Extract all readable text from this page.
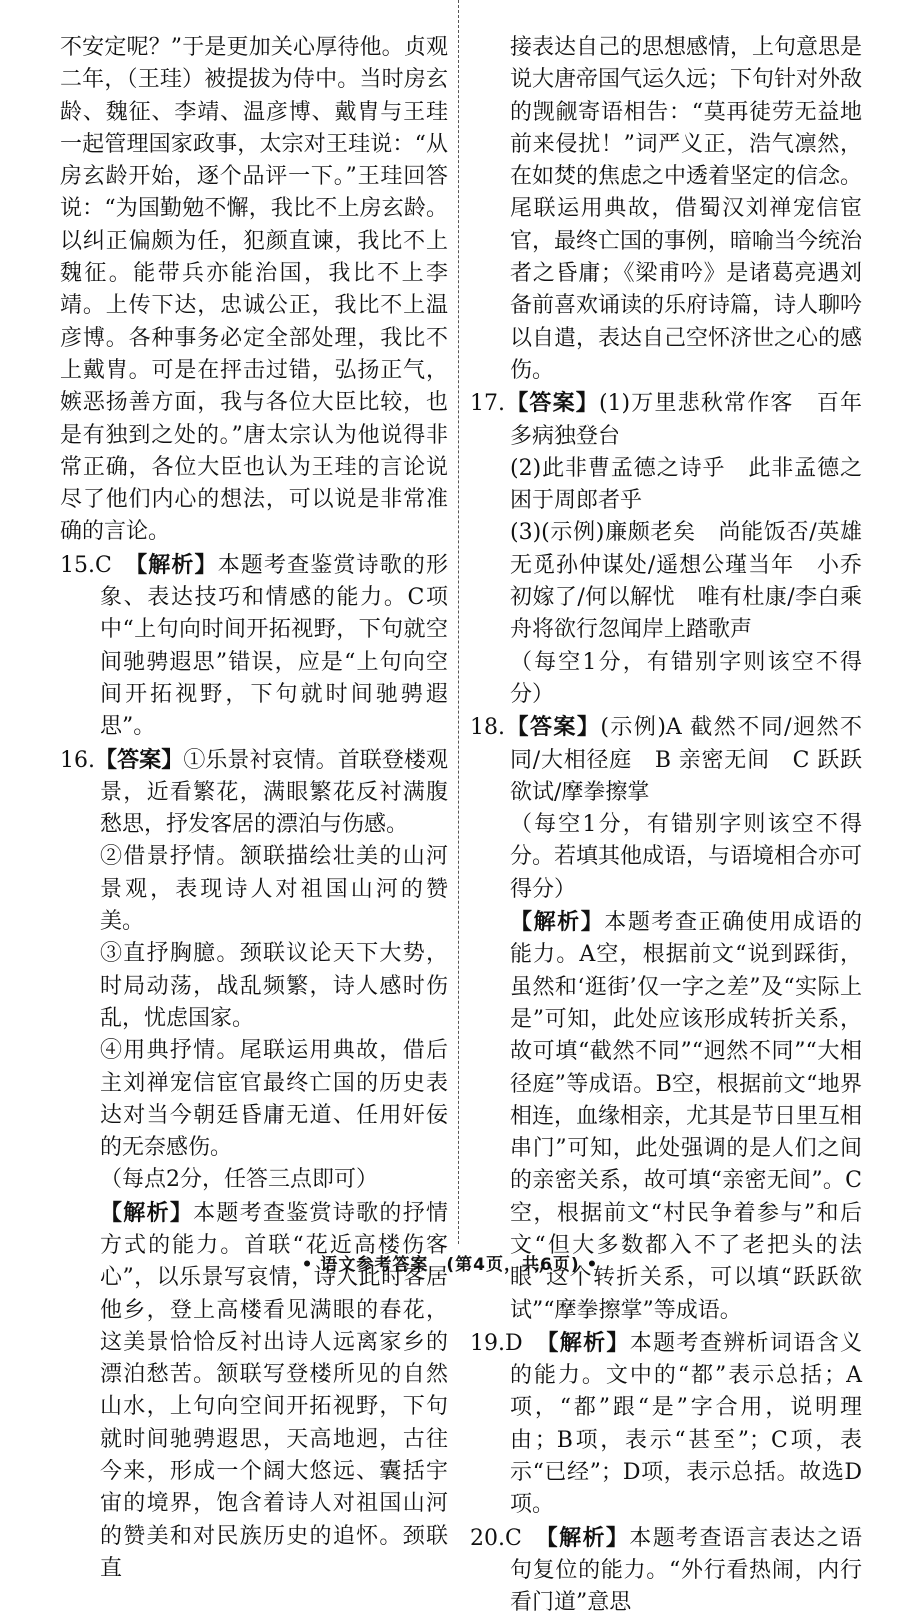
不安定呢？”于是更加关心厚待他。贞观二年，（王珪）被提拔为侍中。当时房玄龄、魏征、李靖、温彦博、戴胄与王珪一起管理国家政事，太宗对王珪说：“从房玄龄开始，逐个品评一下。”王珪回答说：“为国勤勉不懈，我比不上房玄龄。以纠正偏颇为任，犯颜直谏，我比不上魏征。能带兵亦能治国，我比不上李靖。上传下达，忠诚公正，我比不上温彦博。各种事务必定全部处理，我比不上戴胄。可是在抨击过错，弘扬正气，嫉恶扬善方面，我与各位大臣比较，也是有独到之处的。”唐太宗认为他说得非常正确，各位大臣也认为王珪的言论说尽了他们内心的想法，可以说是非常准确的言论。

15.C　 【解析】本题考查鉴赏诗歌的形象、表达技巧和情感的能力。C项中“上句向时间开拓视野，下句就空间驰骋遐思”错误，应是“上句向空间开拓视野，下句就时间驰骋遐思”。

16.【答案】①乐景衬哀情。首联登楼观景，近看繁花，满眼繁花反衬满腹愁思，抒发客居的漂泊与伤感。

②借景抒情。颔联描绘壮美的山河景观，表现诗人对祖国山河的赞美。

③直抒胸臆。颈联议论天下大势，时局动荡，战乱频繁，诗人感时伤乱，忧虑国家。

④用典抒情。尾联运用典故，借后主刘禅宠信宦官最终亡国的历史表达对当今朝廷昏庸无道、任用奸佞的无奈感伤。

（每点2分，任答三点即可）

【解析】本题考查鉴赏诗歌的抒情方式的能力。首联“花近高楼伤客心”，以乐景写哀情，诗人此时客居他乡，登上高楼看见满眼的春花，这美景恰恰反衬出诗人远离家乡的漂泊愁苦。颔联写登楼所见的自然山水，上句向空间开拓视野，下句就时间驰骋遐思，天高地迥，古往今来，形成一个阔大悠远、囊括宇宙的境界，饱含着诗人对祖国山河的赞美和对民族历史的追怀。颈联直

接表达自己的思想感情，上句意思是说大唐帝国气运久远；下句针对外敌的觊觎寄语相告：“莫再徒劳无益地前来侵扰！”词严义正，浩气凛然，在如焚的焦虑之中透着坚定的信念。尾联运用典故，借蜀汉刘禅宠信宦官，最终亡国的事例，暗喻当今统治者之昏庸；《梁甫吟》是诸葛亮遇刘备前喜欢诵读的乐府诗篇，诗人聊吟以自遣，表达自己空怀济世之心的感伤。

17.【答案】(1)万里悲秋常作客　百年多病独登台

(2)此非曹孟德之诗乎　此非孟德之困于周郎者乎

(3)(示例)廉颇老矣　尚能饭否/英雄无觅孙仲谋处/遥想公瑾当年　小乔初嫁了/何以解忧　唯有杜康/李白乘舟将欲行忽闻岸上踏歌声

（每空1分，有错别字则该空不得分）

18.【答案】(示例)A 截然不同/迥然不同/大相径庭　B 亲密无间　C 跃跃欲试/摩拳擦掌

（每空1分，有错别字则该空不得分。若填其他成语，与语境相合亦可得分）

【解析】本题考查正确使用成语的能力。A空，根据前文“说到踩街，虽然和‘逛街’仅一字之差”及“实际上是”可知，此处应该形成转折关系，故可填“截然不同”“迥然不同”“大相径庭”等成语。B空，根据前文“地界相连，血缘相亲，尤其是节日里互相串门”可知，此处强调的是人们之间的亲密关系，故可填“亲密无间”。C空，根据前文“村民争着参与”和后文“但大多数都入不了老把头的法眼”这个转折关系，可以填“跃跃欲试”“摩拳擦掌”等成语。

19.D　 【解析】本题考查辨析词语含义的能力。文中的“都”表示总括；A项，“都”跟“是”字合用，说明理由；B项，表示“甚至”；C项，表示“已经”；D项，表示总括。故选D项。

20.C　 【解析】本题考查语言表达之语句复位的能力。“外行看热闹，内行看门道”意思

• 语文参考答案　(第4页，共6页) •
